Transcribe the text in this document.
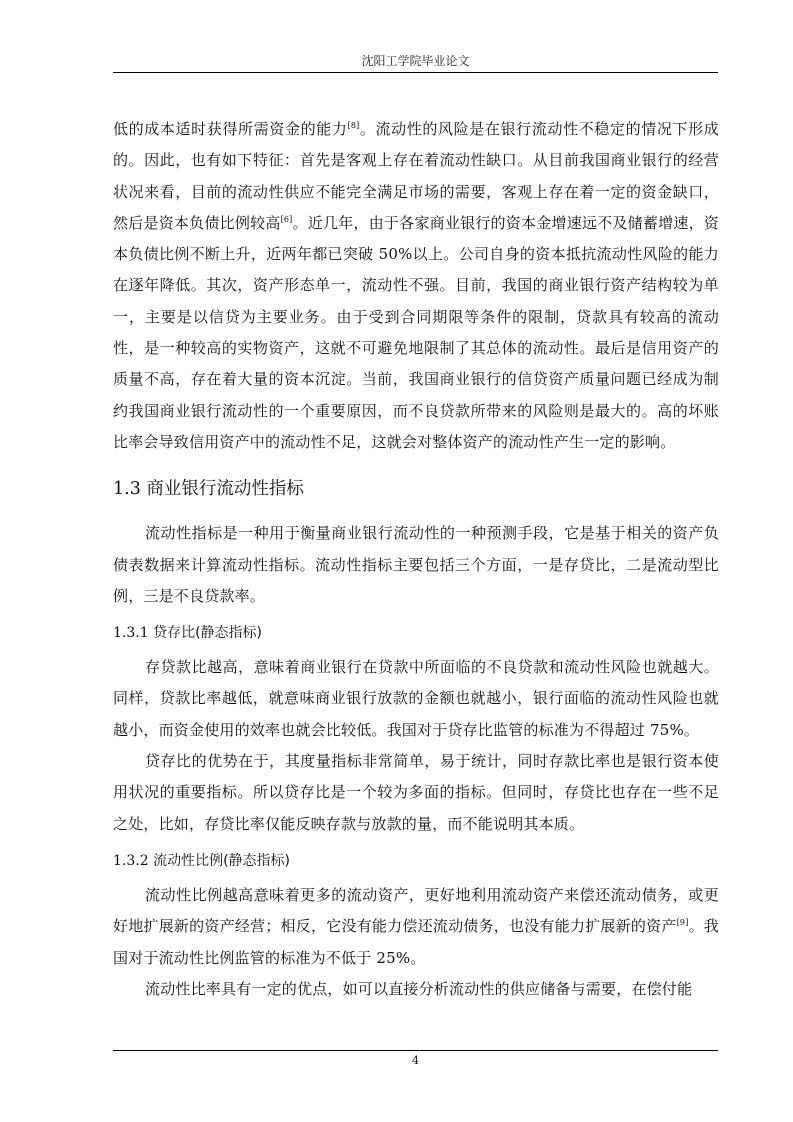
沈阳工学院毕业论文

低的成本适时获得所需资金的能力[8]。流动性的风险是在银行流动性不稳定的情况下形成的。因此，也有如下特征：首先是客观上存在着流动性缺口。从目前我国商业银行的经营状况来看，目前的流动性供应不能完全满足市场的需要，客观上存在着一定的资金缺口，然后是资本负债比例较高[6]。近几年，由于各家商业银行的资本金增速远不及储蓄增速，资本负债比例不断上升，近两年都已突破 50%以上。公司自身的资本抵抗流动性风险的能力在逐年降低。其次，资产形态单一，流动性不强。目前，我国的商业银行资产结构较为单一，主要是以信贷为主要业务。由于受到合同期限等条件的限制，贷款具有较高的流动性，是一种较高的实物资产，这就不可避免地限制了其总体的流动性。最后是信用资产的质量不高，存在着大量的资本沉淀。当前，我国商业银行的信贷资产质量问题已经成为制约我国商业银行流动性的一个重要原因，而不良贷款所带来的风险则是最大的。高的坏账比率会导致信用资产中的流动性不足，这就会对整体资产的流动性产生一定的影响。

1.3 商业银行流动性指标

流动性指标是一种用于衡量商业银行流动性的一种预测手段，它是基于相关的资产负债表数据来计算流动性指标。流动性指标主要包括三个方面，一是存贷比，二是流动型比例，三是不良贷款率。

1.3.1 贷存比(静态指标)

存贷款比越高，意味着商业银行在贷款中所面临的不良贷款和流动性风险也就越大。同样，贷款比率越低，就意味商业银行放款的金额也就越小，银行面临的流动性风险也就越小，而资金使用的效率也就会比较低。我国对于贷存比监管的标准为不得超过 75%。

贷存比的优势在于，其度量指标非常简单，易于统计，同时存款比率也是银行资本使用状况的重要指标。所以贷存比是一个较为多面的指标。但同时，存贷比也存在一些不足之处，比如，存贷比率仅能反映存款与放款的量，而不能说明其本质。

1.3.2 流动性比例(静态指标)

流动性比例越高意味着更多的流动资产，更好地利用流动资产来偿还流动债务，或更好地扩展新的资产经营；相反，它没有能力偿还流动债务，也没有能力扩展新的资产[9]。我国对于流动性比例监管的标准为不低于 25%。

流动性比率具有一定的优点，如可以直接分析流动性的供应储备与需要，在偿付能

4
